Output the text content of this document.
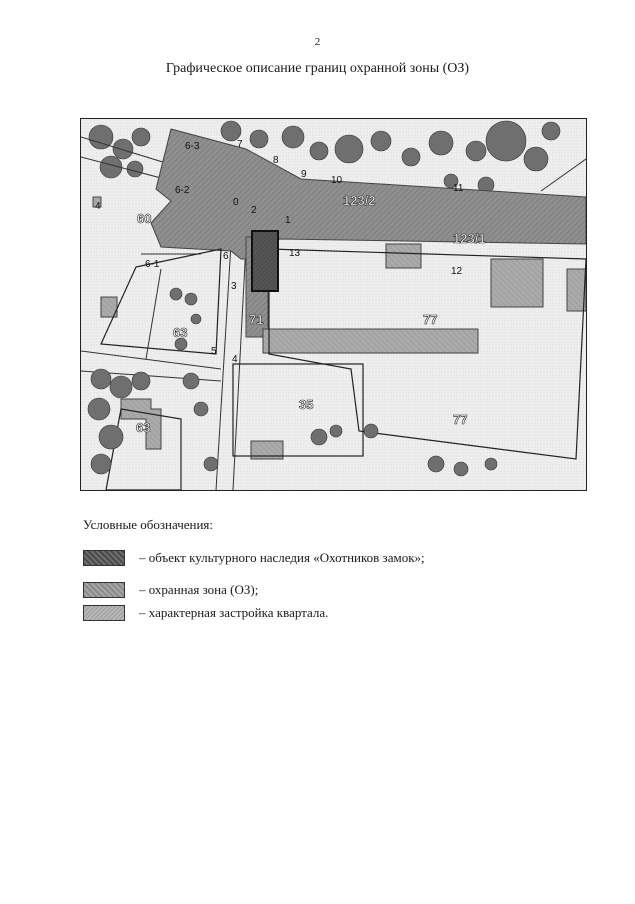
2
Графическое описание границ охранной зоны (ОЗ)
60
63
63
71
35
77
77
123/2
123/1
4
6-3	7
8
9
10
11
6-2
0
2
1
13
6
6-1
3
12
5
4
Условные обозначения:
– объект культурного наследия «Охотников замок»;
– охранная зона (ОЗ);
– характерная застройка квартала.
